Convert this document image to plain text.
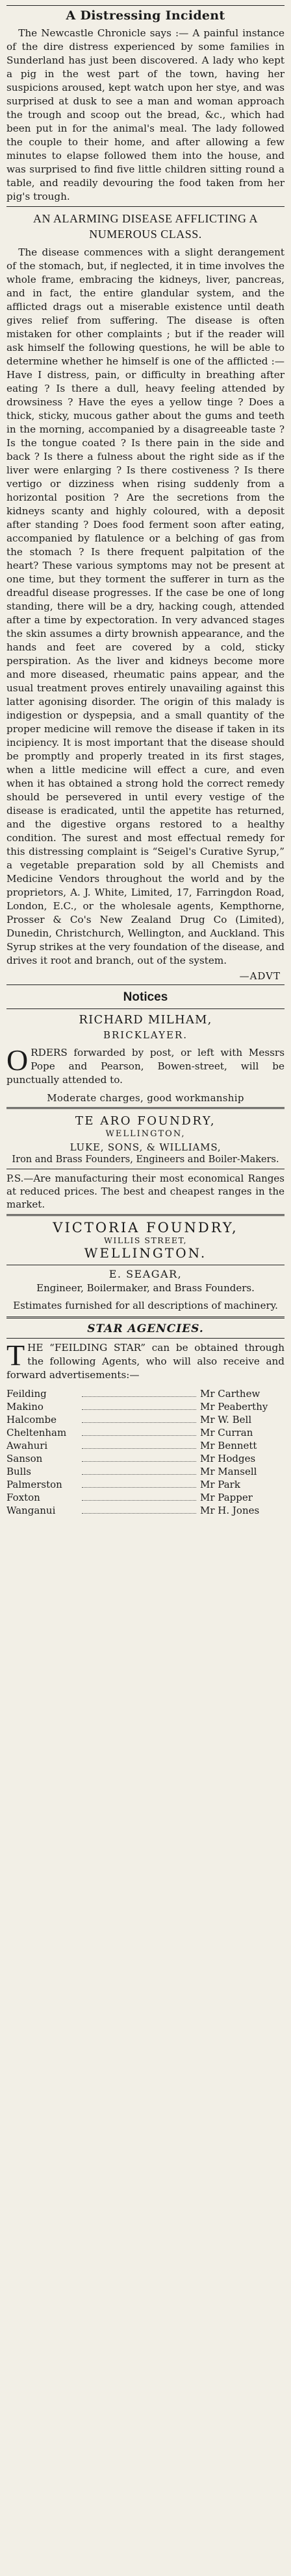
A Distressing Incident

The Newcastle Chronicle says :— A painful instance of the dire distress experienced by some families in Sunderland has just been discovered. A lady who kept a pig in the west part of the town, having her suspicions aroused, kept watch upon her stye, and was surprised at dusk to see a man and woman approach the trough and scoop out the bread, &c., which had been put in for the animal's meal. The lady followed the couple to their home, and after allowing a few minutes to elapse followed them into the house, and was surprised to find five little children sitting round a table, and readily devouring the food taken from her pig's trough.

AN ALARMING DISEASE AFFLICTING A NUMEROUS CLASS.

The disease commences with a slight derangement of the stomach, but, if neglected, it in time involves the whole frame, embracing the kidneys, liver, pancreas, and in fact, the entire glandular system, and the afflicted drags out a miserable existence until death gives relief from suffering. The disease is often mistaken for other complaints ; but if the reader will ask himself the following questions, he will be able to determine whether he himself is one of the afflicted :—Have I distress, pain, or difficulty in breathing after eating ? Is there a dull, heavy feeling attended by drowsiness ? Have the eyes a yellow tinge ? Does a thick, sticky, mucous gather about the gums and teeth in the morning, accompanied by a disagreeable taste ? Is the tongue coated ? Is there pain in the side and back ? Is there a fulness about the right side as if the liver were enlarging ? Is there costiveness ? Is there vertigo or dizziness when rising suddenly from a horizontal position ? Are the secretions from the kidneys scanty and highly coloured, with a deposit after standing ? Does food ferment soon after eating, accompanied by flatulence or a belching of gas from the stomach ? Is there frequent palpitation of the heart? These various symptoms may not be present at one time, but they torment the sufferer in turn as the dreadful disease progresses. If the case be one of long standing, there will be a dry, hacking cough, attended after a time by expectoration. In very advanced stages the skin assumes a dirty brownish appearance, and the hands and feet are covered by a cold, sticky perspiration. As the liver and kidneys become more and more diseased, rheumatic pains appear, and the usual treatment proves entirely unavailing against this latter agonising disorder. The origin of this malady is indigestion or dyspepsia, and a small quantity of the proper medicine will remove the disease if taken in its incipiency. It is most important that the disease should be promptly and properly treated in its first stages, when a little medicine will effect a cure, and even when it has obtained a strong hold the correct remedy should be persevered in until every vestige of the disease is eradicated, until the appetite has returned, and the digestive organs restored to a healthy condition. The surest and most effectual remedy for this distressing complaint is “Seigel's Curative Syrup,” a vegetable preparation sold by all Chemists and Medicine Vendors throughout the world and by the proprietors, A. J. White, Limited, 17, Farringdon Road, London, E.C., or the wholesale agents, Kempthorne, Prosser & Co's New Zealand Drug Co (Limited), Dunedin, Christchurch, Wellington, and Auckland. This Syrup strikes at the very foundation of the disease, and drives it root and branch, out of the system.

—ADVT
Notices
RICHARD MILHAM,
BRICKLAYER.
O RDERS forwarded by post, or left with Messrs Pope and Pearson, Bowen-street, will be punctually attended to.
Moderate charges, good workmanship
TE ARO FOUNDRY,
WELLINGTON,
LUKE, SONS, & WILLIAMS,
Iron and Brass Founders, Engineers and Boiler-Makers.
P.S.—Are manufacturing their most economical Ranges at reduced prices. The best and cheapest ranges in the market.
VICTORIA FOUNDRY,
WILLIS STREET,
WELLINGTON.
E. SEAGAR,
Engineer, Boilermaker, and Brass Founders.
Estimates furnished for all descriptions of machinery.
STAR AGENCIES.
T HE “FEILDING STAR” can be obtained through the following Agents, who will also receive and forward advertisements:—
Feilding	Mr Carthew
Makino	Mr Peaberthy
Halcombe	Mr W. Bell
Cheltenham	Mr Curran
Awahuri	Mr Bennett
Sanson	Mr Hodges
Bulls	Mr Mansell
Palmerston	Mr Park
Foxton	Mr Papper
Wanganui	Mr H. Jones
